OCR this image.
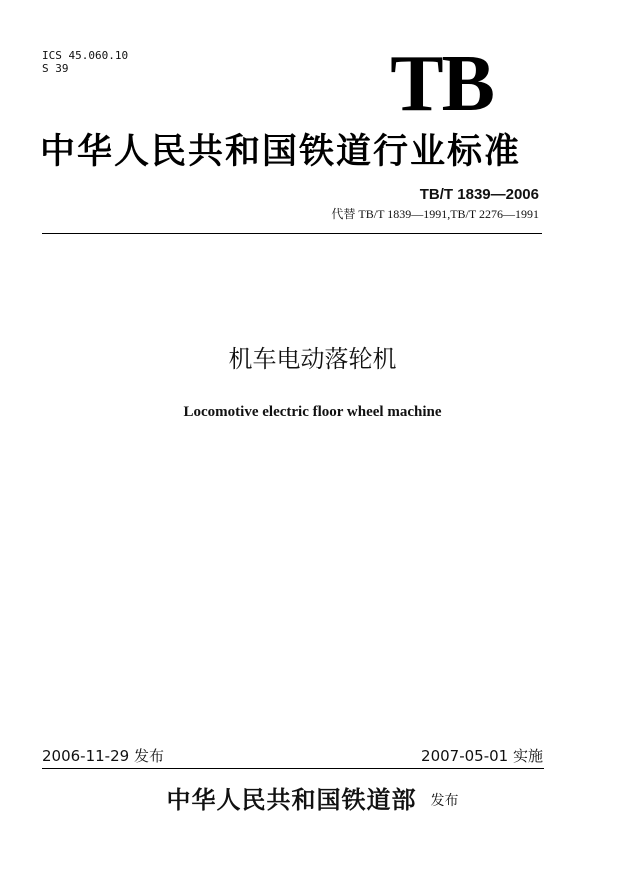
ICS 45.060.10
S 39	TB
中华人民共和国铁道行业标准
TB/T 1839—2006
代替 TB/T 1839—1991,TB/T 2276—1991
机车电动落轮机
Locomotive electric floor wheel machine
2006-11-29 发布	2007-05-01 实施
中华人民共和国铁道部 发布
